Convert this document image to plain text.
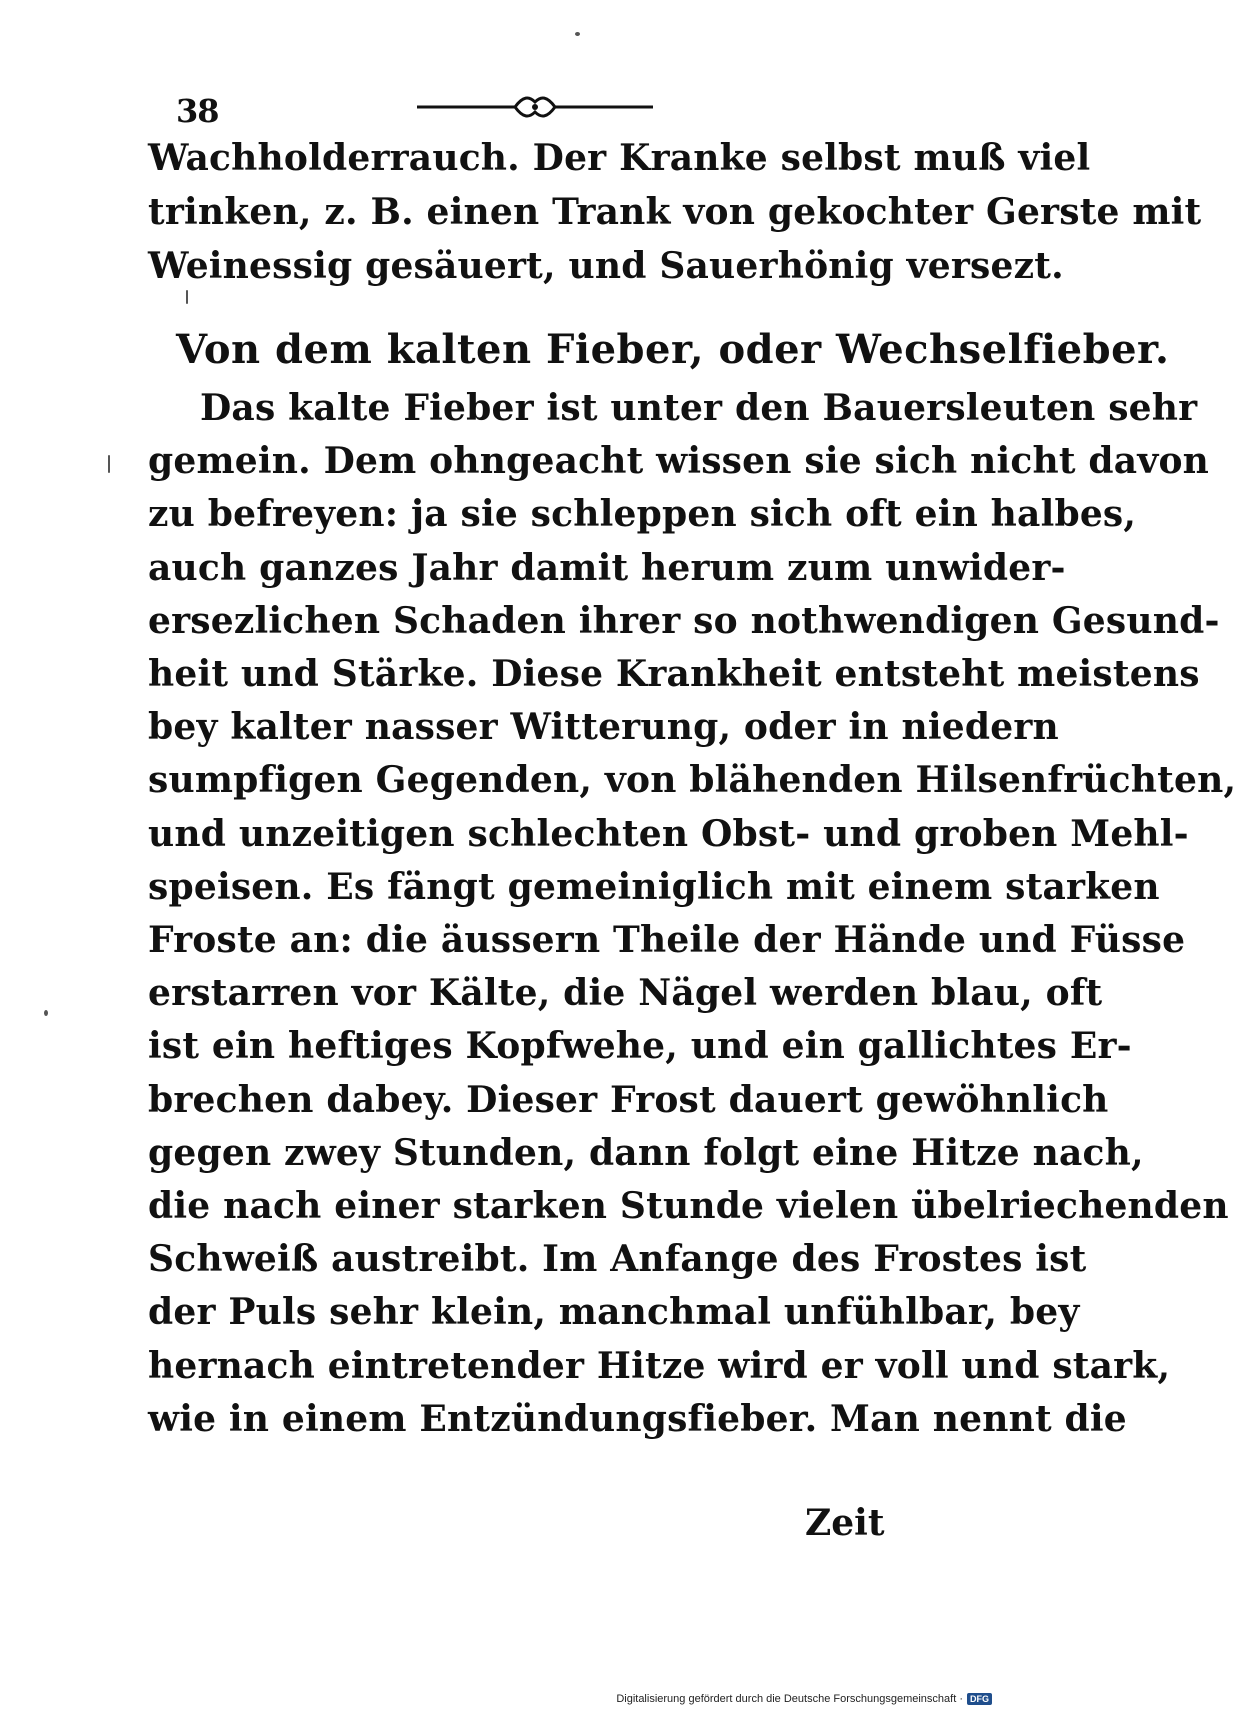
38
Wachholderrauch. Der Kranke selbst muß viel
trinken, z. B. einen Trank von gekochter Gerste mit
Weinessig gesäuert, und Sauerhönig versezt.
Von dem kalten Fieber, oder Wechselfieber.
Das kalte Fieber ist unter den Bauersleuten sehr
gemein. Dem ohngeacht wissen sie sich nicht davon
zu befreyen: ja sie schleppen sich oft ein halbes,
auch ganzes Jahr damit herum zum unwider-
ersezlichen Schaden ihrer so nothwendigen Gesund-
heit und Stärke. Diese Krankheit entsteht meistens
bey kalter nasser Witterung, oder in niedern
sumpfigen Gegenden, von blähenden Hilsenfrüchten,
und unzeitigen schlechten Obst- und groben Mehl-
speisen. Es fängt gemeiniglich mit einem starken
Froste an: die äussern Theile der Hände und Füsse
erstarren vor Kälte, die Nägel werden blau, oft
ist ein heftiges Kopfwehe, und ein gallichtes Er-
brechen dabey. Dieser Frost dauert gewöhnlich
gegen zwey Stunden, dann folgt eine Hitze nach,
die nach einer starken Stunde vielen übelriechenden
Schweiß austreibt. Im Anfange des Frostes ist
der Puls sehr klein, manchmal unfühlbar, bey
hernach eintretender Hitze wird er voll und stark,
wie in einem Entzündungsfieber. Man nennt die
Zeit
Digitalisierung gefördert durch die Deutsche Forschungsgemeinschaft · DFG
